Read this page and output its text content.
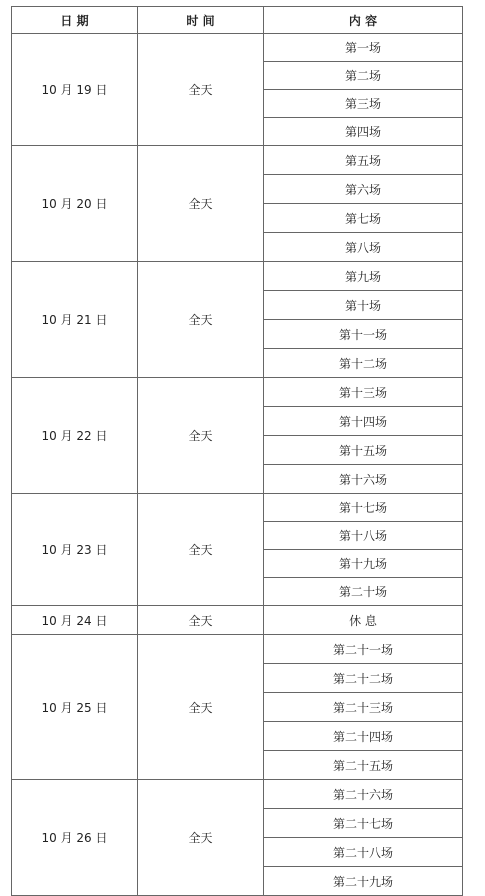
日 期	时 间	内 容
10 月 19 日	全天	第一场
		第二场
		第三场
		第四场
10 月 20 日	全天	第五场
		第六场
		第七场
		第八场
10 月 21 日	全天	第九场
		第十场
		第十一场
		第十二场
10 月 22 日	全天	第十三场
		第十四场
		第十五场
		第十六场
10 月 23 日	全天	第十七场
		第十八场
		第十九场
		第二十场
10 月 24 日	全天	休 息
10 月 25 日	全天	第二十一场
		第二十二场
		第二十三场
		第二十四场
		第二十五场
10 月 26 日	全天	第二十六场
		第二十七场
		第二十八场
		第二十九场
